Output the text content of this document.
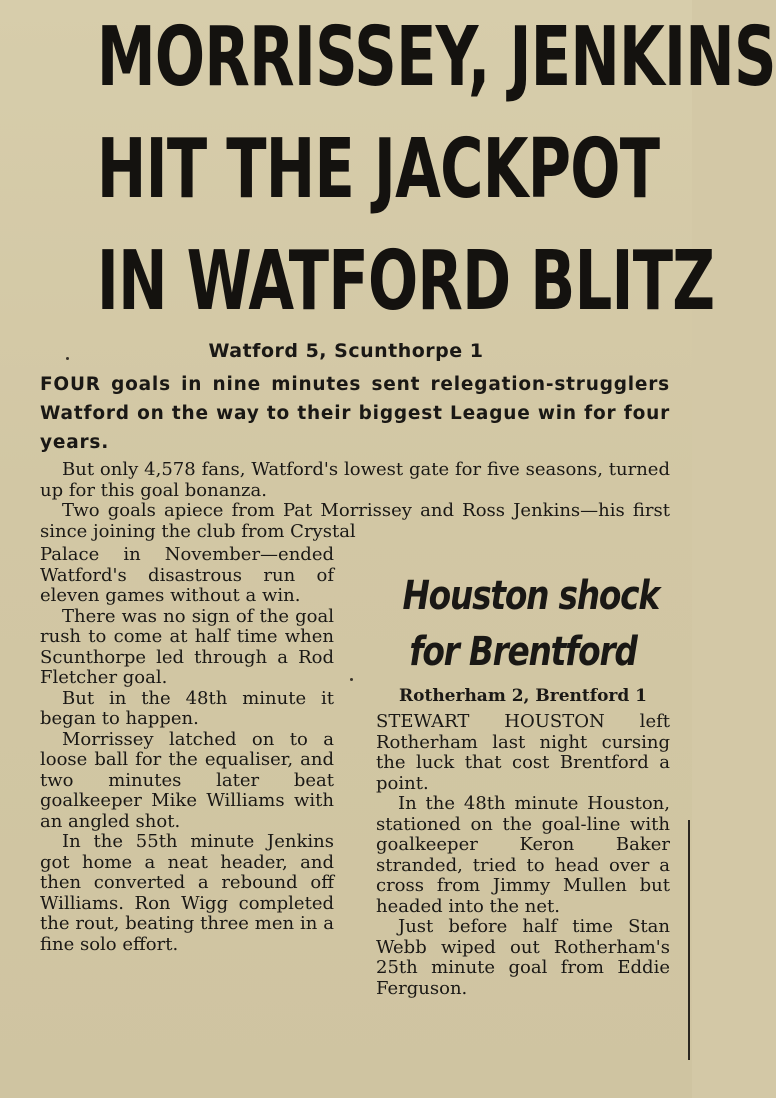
MORRISSEY, JENKINS
HIT THE JACKPOT
IN WATFORD BLITZ
Watford 5, Scunthorpe 1
FOUR goals in nine minutes sent relegation-strugglers Watford on the way to their biggest League win for four years.

But only 4,578 fans, Watford's lowest gate for five seasons, turned up for this goal bonanza.

Two goals apiece from Pat Morrissey and Ross Jenkins—his first since joining the club from Crystal

Palace in November—ended Watford's disastrous run of eleven games without a win.

There was no sign of the goal rush to come at half time when Scunthorpe led through a Rod Fletcher goal.

But in the 48th minute it began to happen.

Morrissey latched on to a loose ball for the equaliser, and two minutes later beat goalkeeper Mike Williams with an angled shot.

In the 55th minute Jenkins got home a neat header, and then converted a rebound off Williams. Ron Wigg completed the rout, beating three men in a fine solo effort.

Houston shock
for Brentford
Rotherham 2, Brentford 1

STEWART HOUSTON left Rotherham last night cursing the luck that cost Brentford a point.

In the 48th minute Houston, stationed on the goal-line with goalkeeper Keron Baker stranded, tried to head over a cross from Jimmy Mullen but headed into the net.

Just before half time Stan Webb wiped out Rotherham's 25th minute goal from Eddie Ferguson.
